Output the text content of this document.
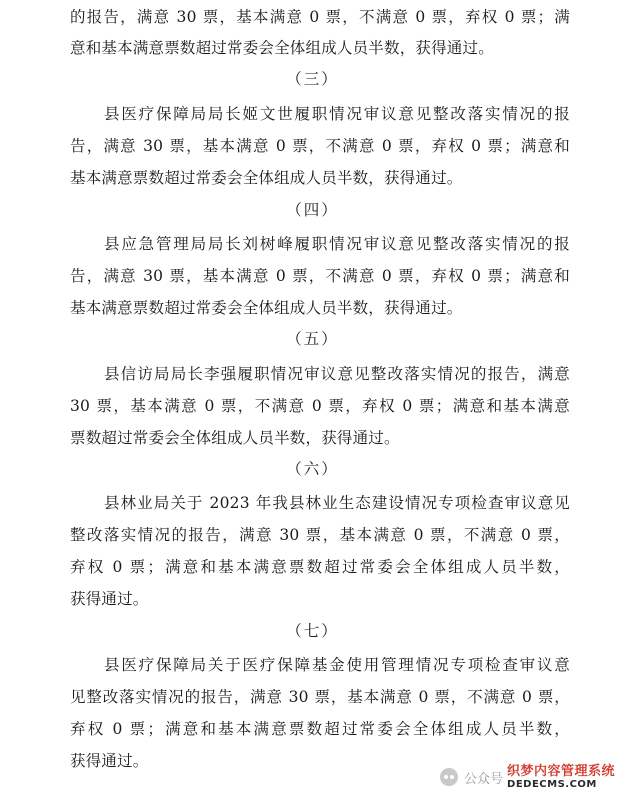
的报告，满意 30 票，基本满意 0 票，不满意 0 票，弃权 0 票；满
意和基本满意票数超过常委会全体组成人员半数，获得通过。
（三）
县医疗保障局局长姬文世履职情况审议意见整改落实情况的报
告，满意 30 票，基本满意 0 票，不满意 0 票，弃权 0 票；满意和
基本满意票数超过常委会全体组成人员半数，获得通过。
（四）
县应急管理局局长刘树峰履职情况审议意见整改落实情况的报
告，满意 30 票，基本满意 0 票，不满意 0 票，弃权 0 票；满意和
基本满意票数超过常委会全体组成人员半数，获得通过。
（五）
县信访局局长李强履职情况审议意见整改落实情况的报告，满意
30 票，基本满意 0 票，不满意 0 票，弃权 0 票；满意和基本满意
票数超过常委会全体组成人员半数，获得通过。
（六）
县林业局关于 2023 年我县林业生态建设情况专项检查审议意见
整改落实情况的报告，满意 30 票，基本满意 0 票，不满意 0 票，
弃权 0 票；满意和基本满意票数超过常委会全体组成人员半数，
获得通过。
（七）
县医疗保障局关于医疗保障基金使用管理情况专项检查审议意
见整改落实情况的报告，满意 30 票，基本满意 0 票，不满意 0 票，
弃权 0 票；满意和基本满意票数超过常委会全体组成人员半数，
获得通过。
公众号
织梦内容管理系统
DEDECMS.COM
